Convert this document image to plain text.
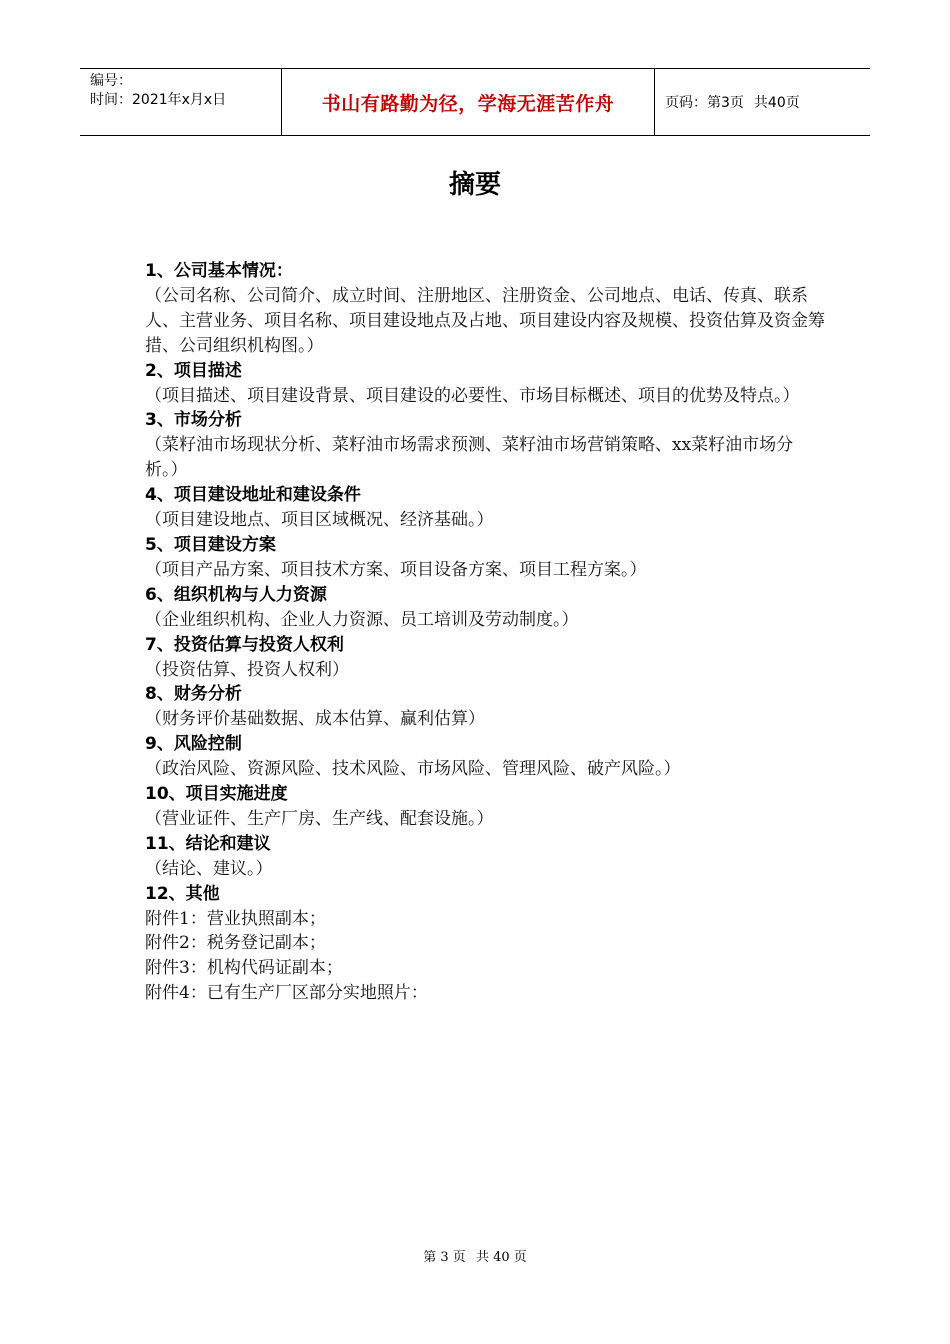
编号：
时间：2021年x月x日	书山有路勤为径，学海无涯苦作舟	页码：第3页 共40页
摘要
1、公司基本情况：
（公司名称、公司简介、成立时间、注册地区、注册资金、公司地点、电话、传真、联系人、主营业务、项目名称、项目建设地点及占地、项目建设内容及规模、投资估算及资金筹措、公司组织机构图。）
2、项目描述
（项目描述、项目建设背景、项目建设的必要性、市场目标概述、项目的优势及特点。）
3、市场分析
（菜籽油市场现状分析、菜籽油市场需求预测、菜籽油市场营销策略、xx菜籽油市场分析。）
4、项目建设地址和建设条件
（项目建设地点、项目区域概况、经济基础。）
5、项目建设方案
（项目产品方案、项目技术方案、项目设备方案、项目工程方案。）
6、组织机构与人力资源
（企业组织机构、企业人力资源、员工培训及劳动制度。）
7、投资估算与投资人权利
（投资估算、投资人权利）
8、财务分析
（财务评价基础数据、成本估算、赢利估算）
9、风险控制
（政治风险、资源风险、技术风险、市场风险、管理风险、破产风险。）
10、项目实施进度
（营业证件、生产厂房、生产线、配套设施。）
11、结论和建议
（结论、建议。）
12、其他
附件1：营业执照副本；
附件2：税务登记副本；
附件3：机构代码证副本；
附件4：已有生产厂区部分实地照片：
第 3 页 共 40 页
